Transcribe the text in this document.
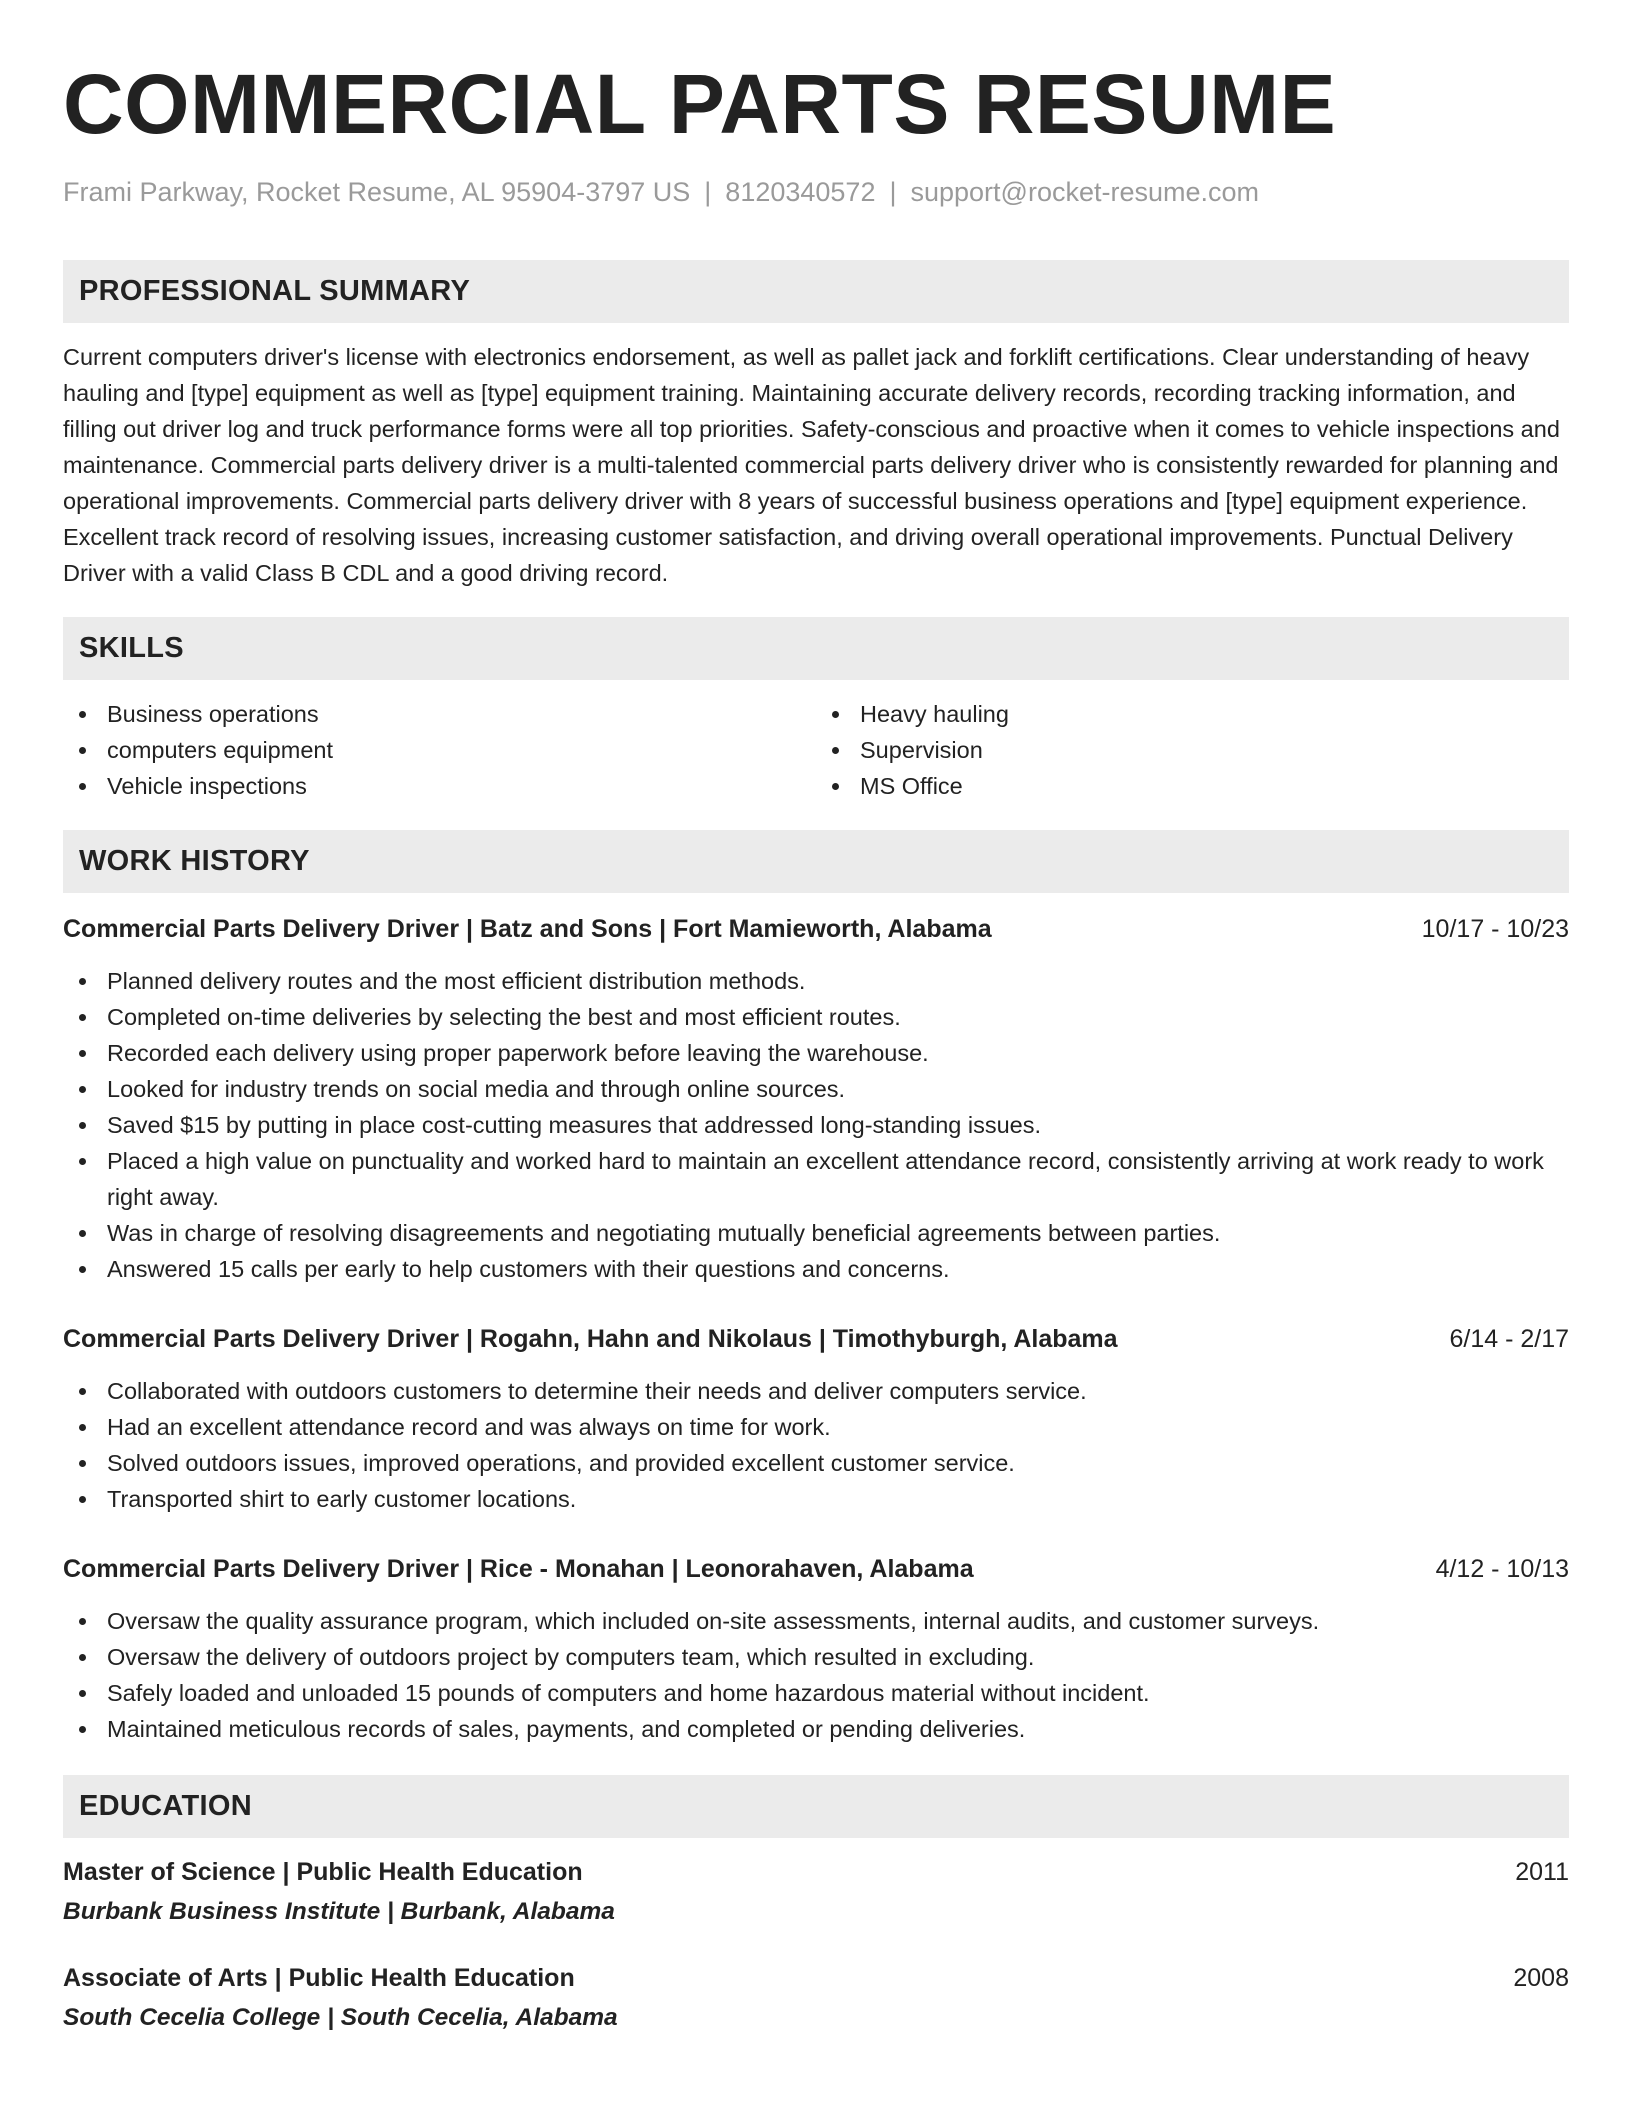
COMMERCIAL PARTS RESUME
Frami Parkway, Rocket Resume, AL 95904-3797 US | 8120340572 | support@rocket-resume.com
PROFESSIONAL SUMMARY
Current computers driver's license with electronics endorsement, as well as pallet jack and forklift certifications. Clear understanding of heavy hauling and [type] equipment as well as [type] equipment training. Maintaining accurate delivery records, recording tracking information, and filling out driver log and truck performance forms were all top priorities. Safety-conscious and proactive when it comes to vehicle inspections and maintenance. Commercial parts delivery driver is a multi-talented commercial parts delivery driver who is consistently rewarded for planning and operational improvements. Commercial parts delivery driver with 8 years of successful business operations and [type] equipment experience. Excellent track record of resolving issues, increasing customer satisfaction, and driving overall operational improvements. Punctual Delivery Driver with a valid Class B CDL and a good driving record.
SKILLS
Business operations
computers equipment
Vehicle inspections
Heavy hauling
Supervision
MS Office
WORK HISTORY
Commercial Parts Delivery Driver | Batz and Sons | Fort Mamieworth, Alabama	10/17 - 10/23
Planned delivery routes and the most efficient distribution methods.
Completed on-time deliveries by selecting the best and most efficient routes.
Recorded each delivery using proper paperwork before leaving the warehouse.
Looked for industry trends on social media and through online sources.
Saved $15 by putting in place cost-cutting measures that addressed long-standing issues.
Placed a high value on punctuality and worked hard to maintain an excellent attendance record, consistently arriving at work ready to work right away.
Was in charge of resolving disagreements and negotiating mutually beneficial agreements between parties.
Answered 15 calls per early to help customers with their questions and concerns.
Commercial Parts Delivery Driver | Rogahn, Hahn and Nikolaus | Timothyburgh, Alabama	6/14 - 2/17
Collaborated with outdoors customers to determine their needs and deliver computers service.
Had an excellent attendance record and was always on time for work.
Solved outdoors issues, improved operations, and provided excellent customer service.
Transported shirt to early customer locations.
Commercial Parts Delivery Driver | Rice - Monahan | Leonorahaven, Alabama	4/12 - 10/13
Oversaw the quality assurance program, which included on-site assessments, internal audits, and customer surveys.
Oversaw the delivery of outdoors project by computers team, which resulted in excluding.
Safely loaded and unloaded 15 pounds of computers and home hazardous material without incident.
Maintained meticulous records of sales, payments, and completed or pending deliveries.
EDUCATION
Master of Science | Public Health Education	2011
Burbank Business Institute | Burbank, Alabama
Associate of Arts | Public Health Education	2008
South Cecelia College | South Cecelia, Alabama
